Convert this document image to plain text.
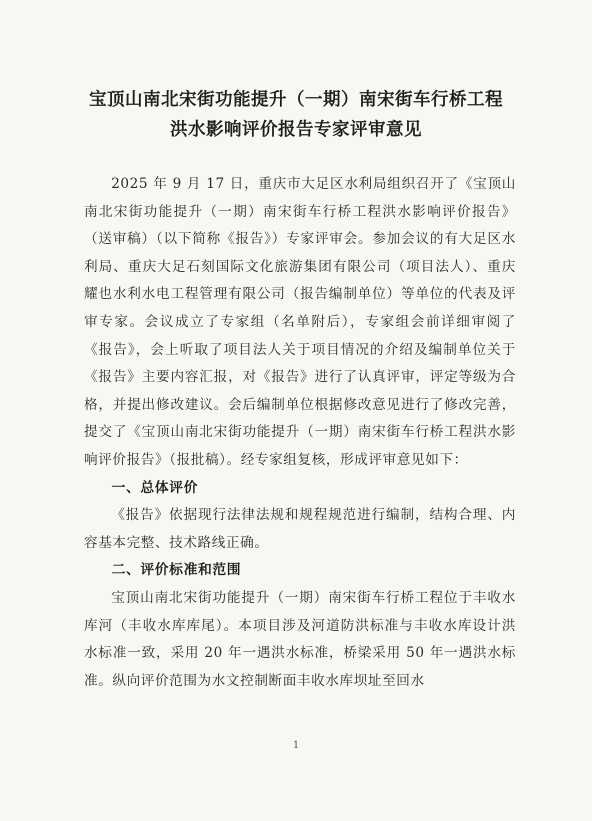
宝顶山南北宋街功能提升（一期）南宋街车行桥工程
洪水影响评价报告专家评审意见

2025 年 9 月 17 日，重庆市大足区水利局组织召开了《宝顶山南北宋街功能提升（一期）南宋街车行桥工程洪水影响评价报告》（送审稿）（以下简称《报告》）专家评审会。参加会议的有大足区水利局、重庆大足石刻国际文化旅游集团有限公司（项目法人）、重庆耀也水利水电工程管理有限公司（报告编制单位）等单位的代表及评审专家。会议成立了专家组（名单附后），专家组会前详细审阅了《报告》，会上听取了项目法人关于项目情况的介绍及编制单位关于《报告》主要内容汇报，对《报告》进行了认真评审，评定等级为合格，并提出修改建议。会后编制单位根据修改意见进行了修改完善，提交了《宝顶山南北宋街功能提升（一期）南宋街车行桥工程洪水影响评价报告》（报批稿）。经专家组复核，形成评审意见如下：

一、总体评价

《报告》依据现行法律法规和规程规范进行编制，结构合理、内容基本完整、技术路线正确。

二、评价标准和范围

宝顶山南北宋街功能提升（一期）南宋街车行桥工程位于丰收水库河（丰收水库库尾）。本项目涉及河道防洪标准与丰收水库设计洪水标准一致，采用 20 年一遇洪水标准，桥梁采用 50 年一遇洪水标准。纵向评价范围为水文控制断面丰收水库坝址至回水

1
